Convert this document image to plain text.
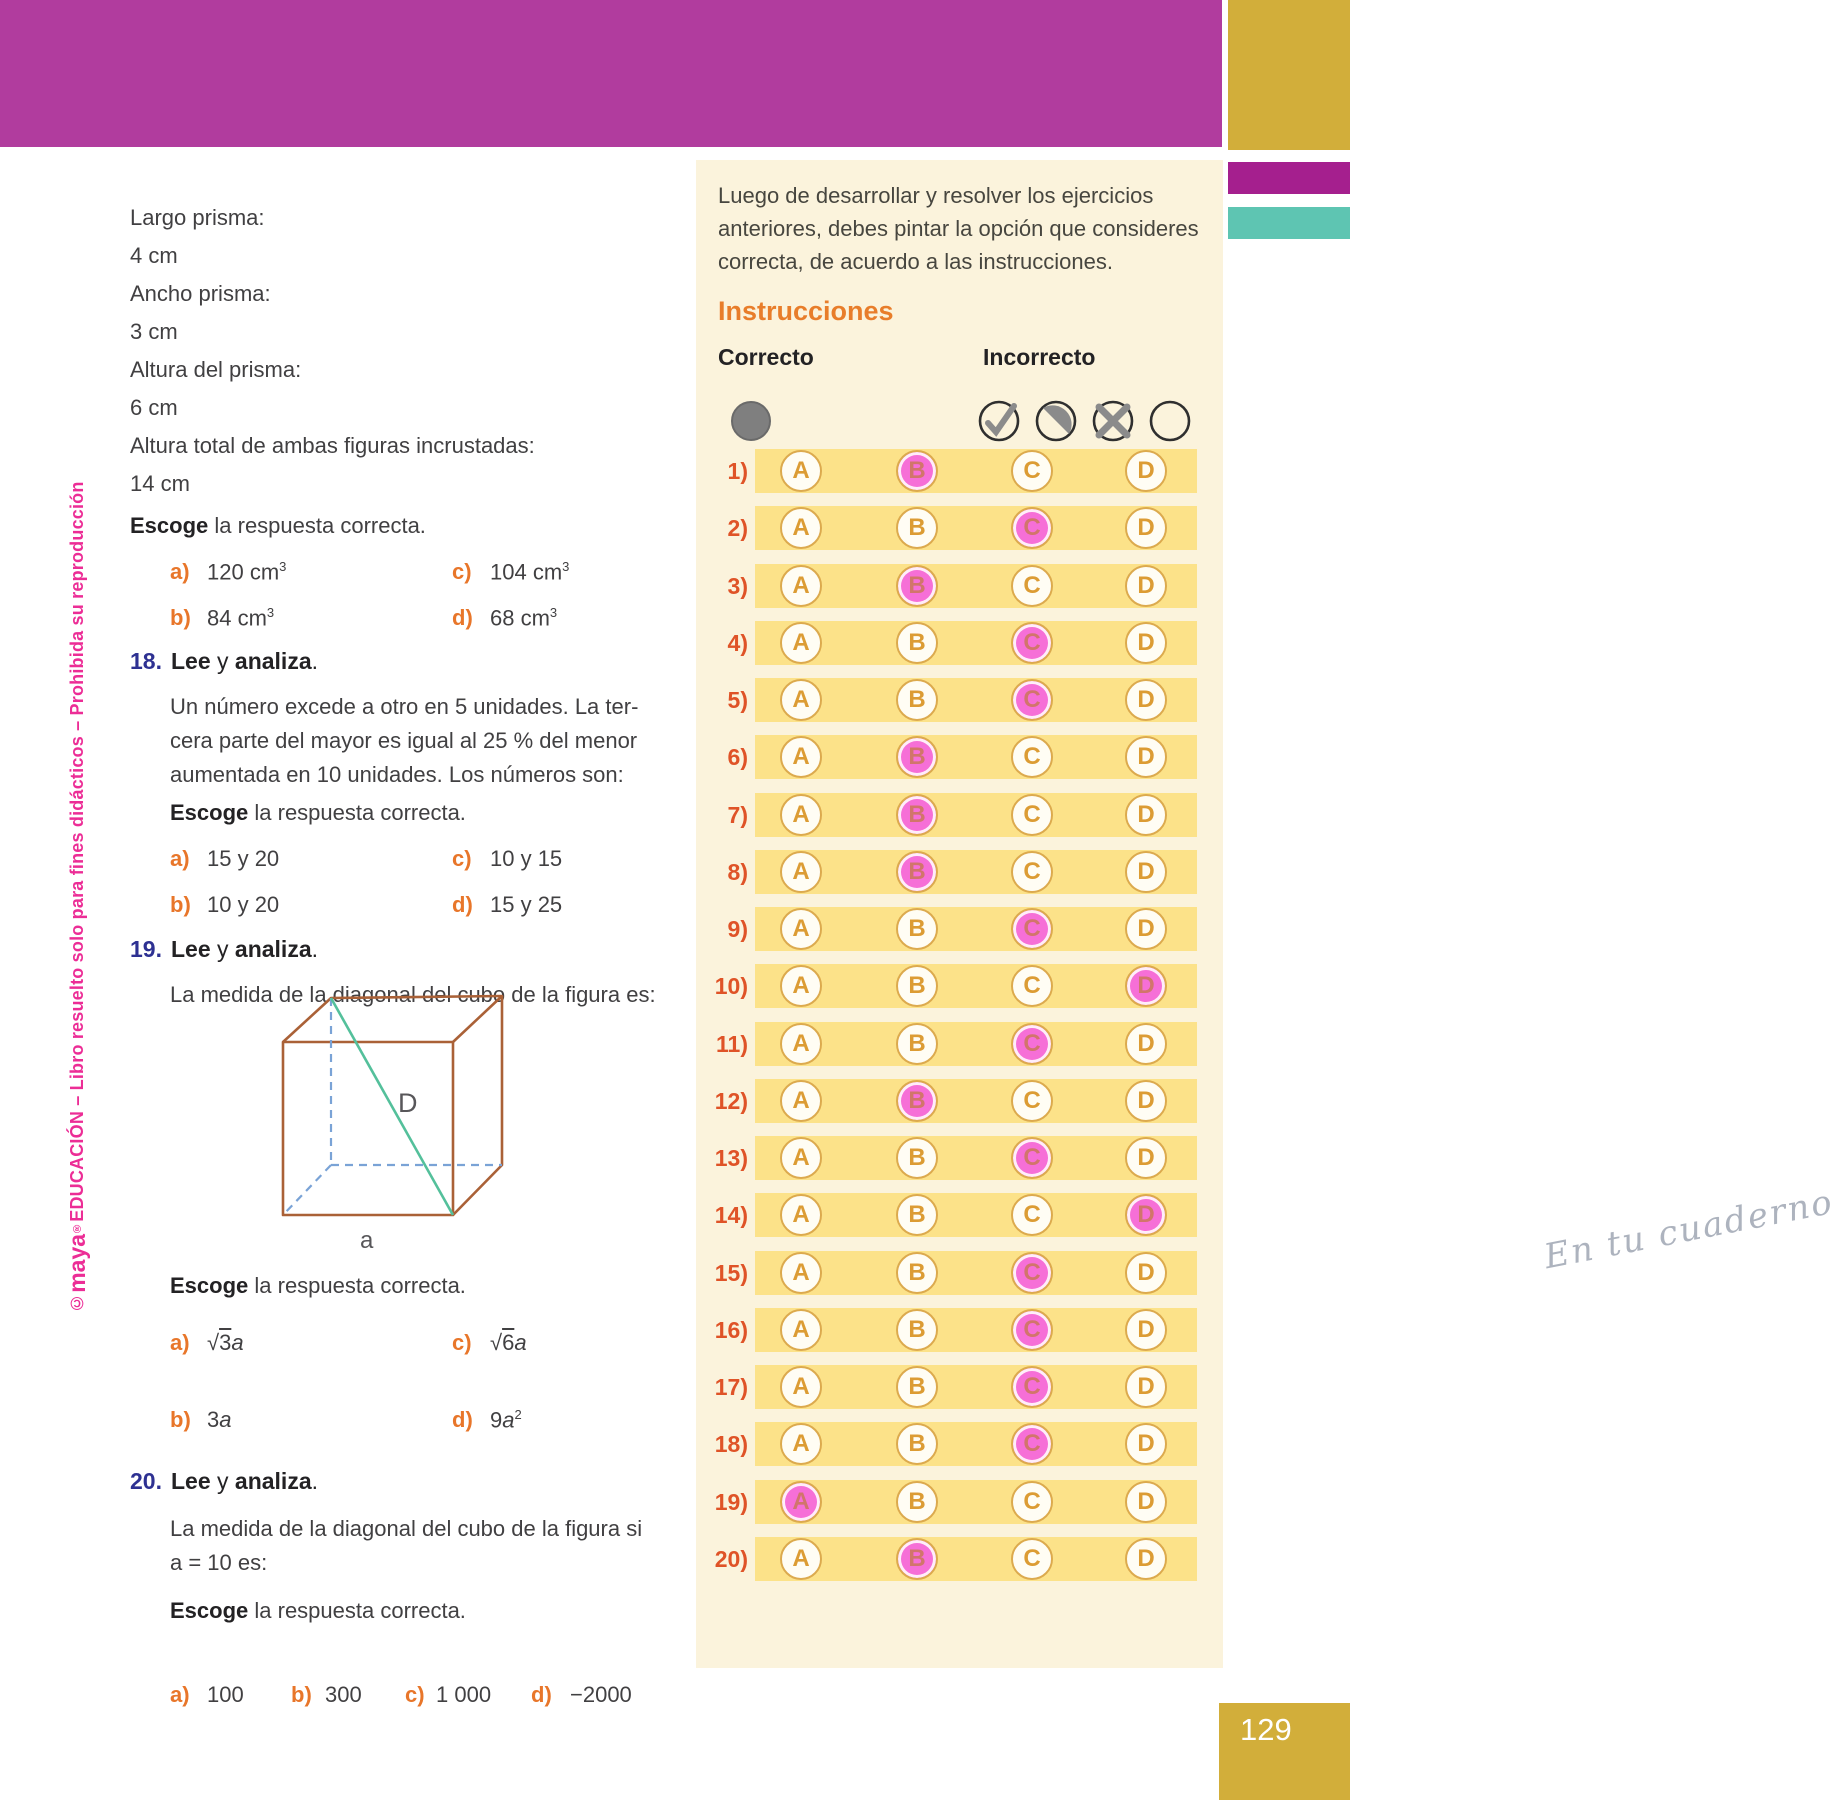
©maya®EDUCACIÓN – Libro resuelto solo para fines didácticos – Prohibida su reproducción
Largo prisma:
4 cm
Ancho prisma:
3 cm
Altura del prisma:
6 cm
Altura total de ambas figuras incrustadas:
14 cm
Escoge la respuesta correcta.
Escoge la respuesta correcta.
Escoge la respuesta correcta.
Escoge la respuesta correcta.
18. Lee y analiza.
19. Lee y analiza.
20. Lee y analiza.
Un número excede a otro en 5 unidades. La ter-
cera parte del mayor es igual al 25 % del menor
aumentada en 10 unidades. Los números son:
La medida de la diagonal del cubo de la figura es:
La medida de la diagonal del cubo de la figura si
a = 10 es:
a) 120 $cm^3$	c) 104 $cm^3$
b) 84 $cm^3$	d) 68 $cm^3$
a) 15 y 20	c) 10 y 15
b) 10 y 20	d) 15 y 25
a) √3a	c) √6a
b) 3a	d) $9a^2$
a) 100 b) 300 c) 1 000 d) −2000
D
a
Luego de desarrollar y resolver los ejercicios
anteriores, debes pintar la opción que consideres
correcta, de acuerdo a las instrucciones.
Instrucciones
Correcto	Incorrecto
1)	A	B	C	D
2)	A	B	C	D
3)	A	B	C	D
4)	A	B	C	D
5)	A	B	C	D
6)	A	B	C	D
7)	A	B	C	D
8)	A	B	C	D
9)	A	B	C	D
10)	A	B	C	D
11)	A	B	C	D
12)	A	B	C	D
13)	A	B	C	D
14)	A	B	C	D
15)	A	B	C	D
16)	A	B	C	D
17)	A	B	C	D
18)	A	B	C	D
19)	A	B	C	D
20)	A	B	C	D
En tu cuaderno
129
